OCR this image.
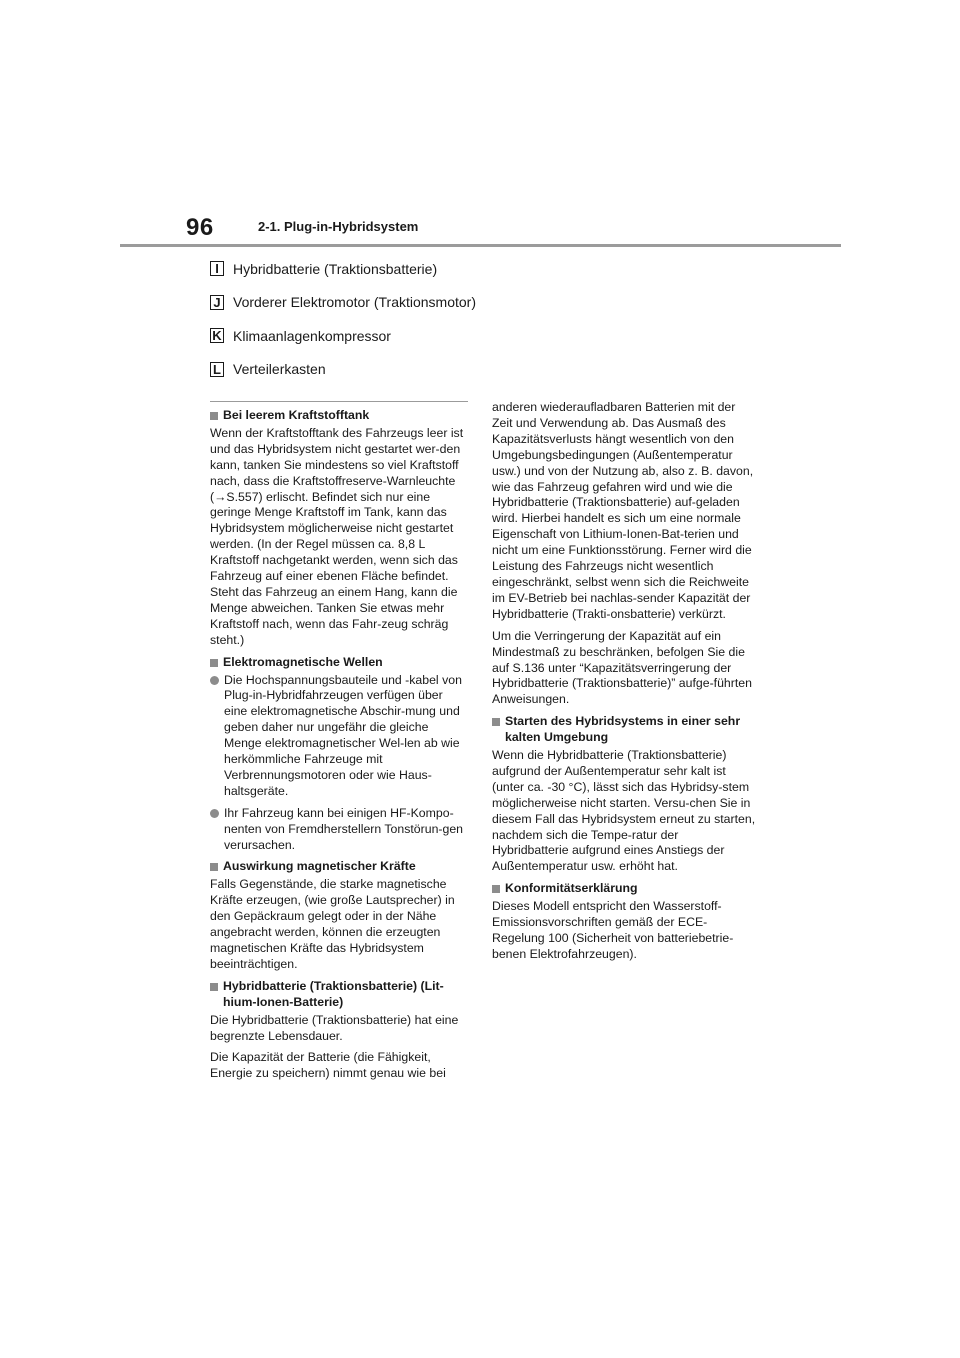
96	2-1. Plug-in-Hybridsystem
I	Hybridbatterie (Traktionsbatterie)
J Vorderer Elektromotor (Traktionsmotor)
K Klimaanlagenkompressor
L Verteilerkasten
Bei leerem Kraftstofftank

Wenn der Kraftstofftank des Fahrzeugs leer ist und das Hybridsystem nicht gestartet wer-den kann, tanken Sie mindestens so viel Kraftstoff nach, dass die Kraftstoffreserve-Warnleuchte (→S.557) erlischt. Befindet sich nur eine geringe Menge Kraftstoff im Tank, kann das Hybridsystem möglicherweise nicht gestartet werden. (In der Regel müssen ca. 8,8 L Kraftstoff nachgetankt werden, wenn sich das Fahrzeug auf einer ebenen Fläche befindet. Steht das Fahrzeug an einem Hang, kann die Menge abweichen. Tanken Sie etwas mehr Kraftstoff nach, wenn das Fahr-zeug schräg steht.)

Elektromagnetische Wellen
Die Hochspannungsbauteile und -kabel von Plug-in-Hybridfahrzeugen verfügen über eine elektromagnetische Abschir-mung und geben daher nur ungefähr die gleiche Menge elektromagnetischer Wel-len ab wie herkömmliche Fahrzeuge mit Verbrennungsmotoren oder wie Haus-haltsgeräte.
Ihr Fahrzeug kann bei einigen HF-Kompo-nenten von Fremdherstellern Tonstörun-gen verursachen.
Auswirkung magnetischer Kräfte

Falls Gegenstände, die starke magnetische Kräfte erzeugen, (wie große Lautsprecher) in den Gepäckraum gelegt oder in der Nähe angebracht werden, können die erzeugten magnetischen Kräfte das Hybridsystem beeinträchtigen.

Hybridbatterie (Traktionsbatterie) (Lit-hium-Ionen-Batterie)

Die Hybridbatterie (Traktionsbatterie) hat eine begrenzte Lebensdauer.

Die Kapazität der Batterie (die Fähigkeit, Energie zu speichern) nimmt genau wie bei

anderen wiederaufladbaren Batterien mit der Zeit und Verwendung ab. Das Ausmaß des Kapazitätsverlusts hängt wesentlich von den Umgebungsbedingungen (Außentemperatur usw.) und von der Nutzung ab, also z. B. davon, wie das Fahrzeug gefahren wird und wie die Hybridbatterie (Traktionsbatterie) auf-geladen wird. Hierbei handelt es sich um eine normale Eigenschaft von Lithium-Ionen-Bat-terien und nicht um eine Funktionsstörung. Ferner wird die Leistung des Fahrzeugs nicht wesentlich eingeschränkt, selbst wenn sich die Reichweite im EV-Betrieb bei nachlas-sender Kapazität der Hybridbatterie (Trakti-onsbatterie) verkürzt.

Um die Verringerung der Kapazität auf ein Mindestmaß zu beschränken, befolgen Sie die auf S.136 unter “Kapazitätsverringerung der Hybridbatterie (Traktionsbatterie)” aufge-führten Anweisungen.

Starten des Hybridsystems in einer sehr kalten Umgebung

Wenn die Hybridbatterie (Traktionsbatterie) aufgrund der Außentemperatur sehr kalt ist (unter ca. -30 °C), lässt sich das Hybridsy-stem möglicherweise nicht starten. Versu-chen Sie in diesem Fall das Hybridsystem erneut zu starten, nachdem sich die Tempe-ratur der Hybridbatterie aufgrund eines Anstiegs der Außentemperatur usw. erhöht hat.

Konformitätserklärung

Dieses Modell entspricht den Wasserstoff-Emissionsvorschriften gemäß der ECE-Regelung 100 (Sicherheit von batteriebetrie-benen Elektrofahrzeugen).
